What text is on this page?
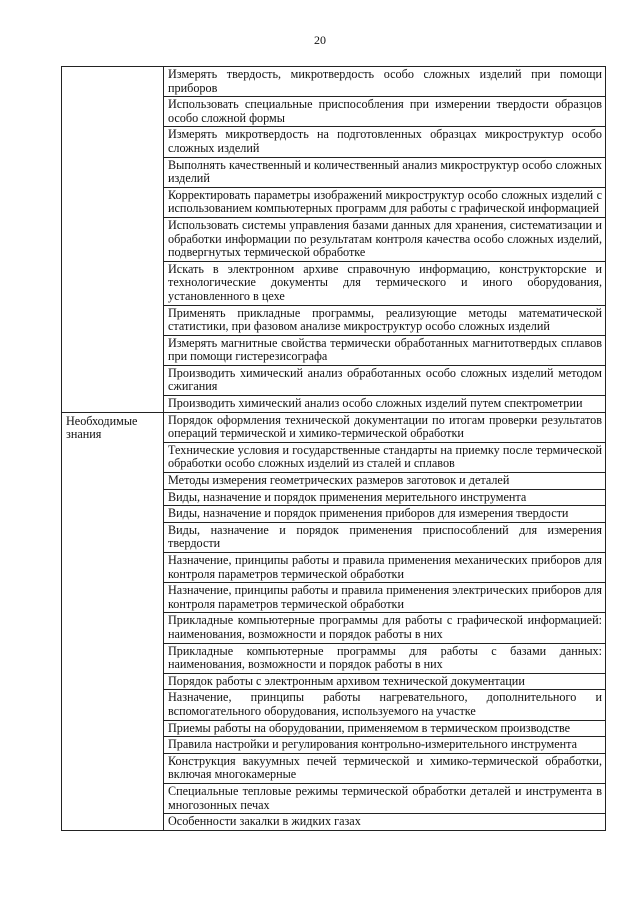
20
	Измерять твердость, микротвердость особо сложных изделий при помощи приборов
	Использовать специальные приспособления при измерении твердости образцов особо сложной формы
	Измерять микротвердость на подготовленных образцах микроструктур особо сложных изделий
	Выполнять качественный и количественный анализ микроструктур особо сложных изделий
	Корректировать параметры изображений микроструктур особо сложных изделий с использованием компьютерных программ для работы с графической информацией
	Использовать системы управления базами данных для хранения, систематизации и обработки информации по результатам контроля качества особо сложных изделий, подвергнутых термической обработке
	Искать в электронном архиве справочную информацию, конструкторские и технологические документы для термического и иного оборудования, установленного в цехе
	Применять прикладные программы, реализующие методы математической статистики, при фазовом анализе микроструктур особо сложных изделий
	Измерять магнитные свойства термически обработанных магнитотвердых сплавов при помощи гистерезисографа
	Производить химический анализ обработанных особо сложных изделий методом сжигания
	Производить химический анализ особо сложных изделий путем спектрометрии

Необходимые знания	Порядок оформления технической документации по итогам проверки результатов операций термической и химико-термической обработки
	Технические условия и государственные стандарты на приемку после термической обработки особо сложных изделий из сталей и сплавов
	Методы измерения геометрических размеров заготовок и деталей
	Виды, назначение и порядок применения мерительного инструмента
	Виды, назначение и порядок применения приборов для измерения твердости
	Виды, назначение и порядок применения приспособлений для измерения твердости
	Назначение, принципы работы и правила применения механических приборов для контроля параметров термической обработки
	Назначение, принципы работы и правила применения электрических приборов для контроля параметров термической обработки
	Прикладные компьютерные программы для работы с графической информацией: наименования, возможности и порядок работы в них
	Прикладные компьютерные программы для работы с базами данных: наименования, возможности и порядок работы в них
	Порядок работы с электронным архивом технической документации
	Назначение, принципы работы нагревательного, дополнительного и вспомогательного оборудования, используемого на участке
	Приемы работы на оборудовании, применяемом в термическом производстве
	Правила настройки и регулирования контрольно-измерительного инструмента
	Конструкция вакуумных печей термической и химико-термической обработки, включая многокамерные
	Специальные тепловые режимы термической обработки деталей и инструмента в многозонных печах
	Особенности закалки в жидких газах
